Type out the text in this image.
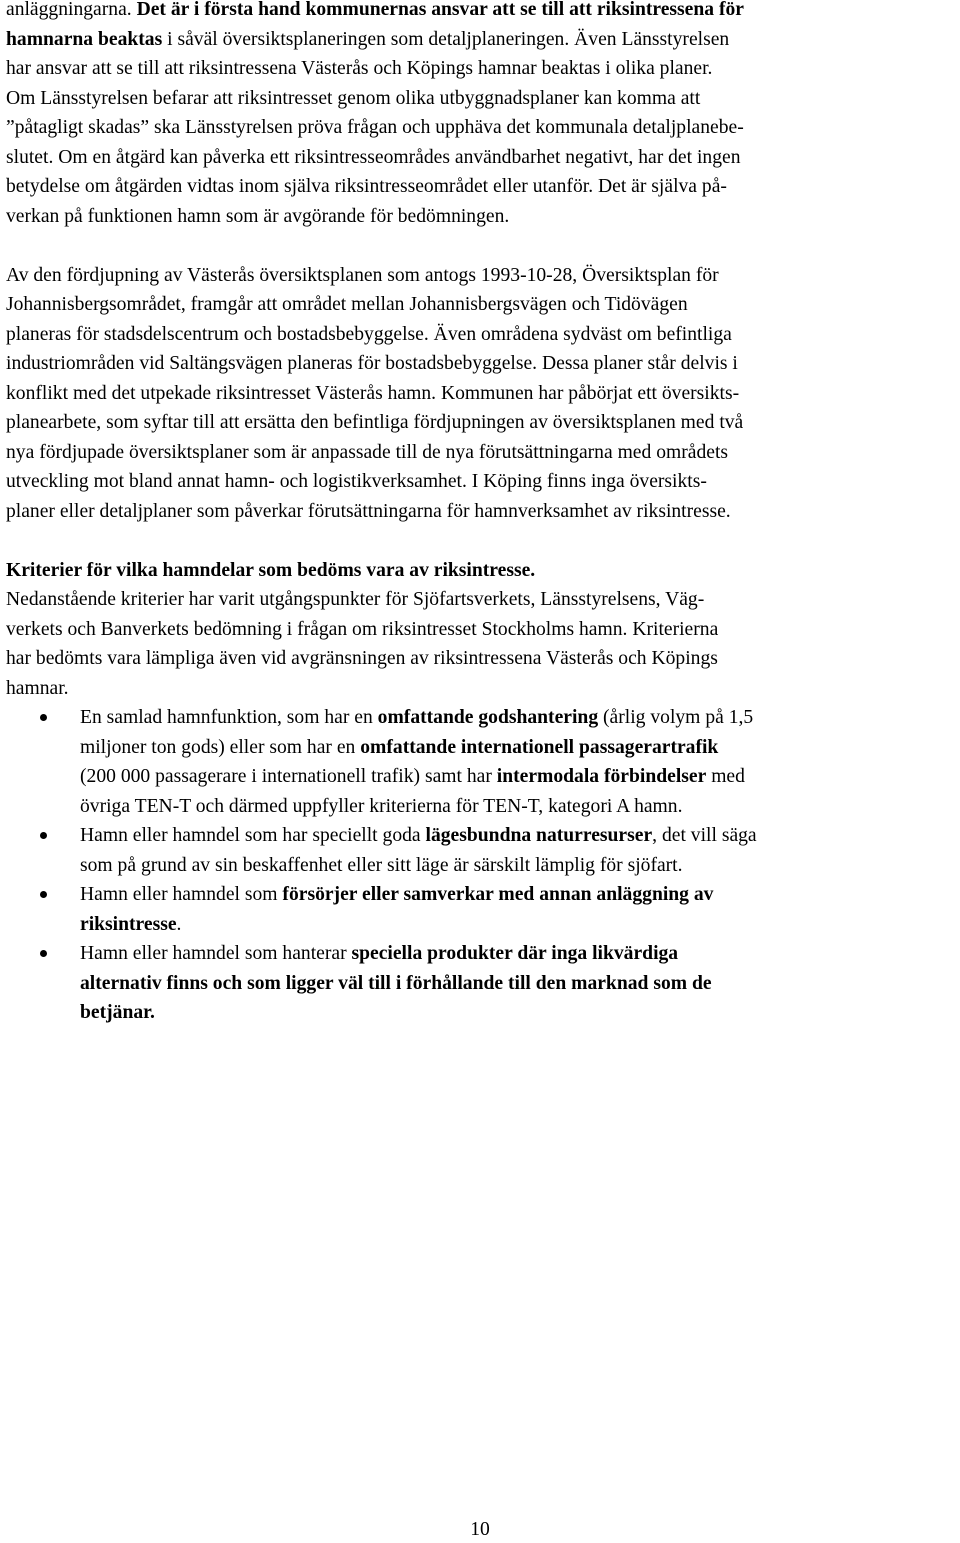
anläggningarna. Det är i första hand kommunernas ansvar att se till att riksintressena för
hamnarna beaktas i såväl översiktsplaneringen som detaljplaneringen. Även Länsstyrelsen
har ansvar att se till att riksintressena Västerås och Köpings hamnar beaktas i olika planer.
Om Länsstyrelsen befarar att riksintresset genom olika utbyggnadsplaner kan komma att
”påtagligt skadas” ska Länsstyrelsen pröva frågan och upphäva det kommunala detaljplanebe-
slutet. Om en åtgärd kan påverka ett riksintresseområdes användbarhet negativt, har det ingen
betydelse om åtgärden vidtas inom själva riksintresseområdet eller utanför. Det är själva på-
verkan på funktionen hamn som är avgörande för bedömningen.
Av den fördjupning av Västerås översiktsplanen som antogs 1993-10-28, Översiktsplan för
Johannisbergsområdet, framgår att området mellan Johannisbergsvägen och Tidövägen
planeras för stadsdelscentrum och bostadsbebyggelse. Även områdena sydväst om befintliga
industriområden vid Saltängsvägen planeras för bostadsbebyggelse. Dessa planer står delvis i
konflikt med det utpekade riksintresset Västerås hamn. Kommunen har påbörjat ett översikts-
planearbete, som syftar till att ersätta den befintliga fördjupningen av översiktsplanen med två
nya fördjupade översiktsplaner som är anpassade till de nya förutsättningarna med områdets
utveckling mot bland annat hamn- och logistikverksamhet. I Köping finns inga översikts-
planer eller detaljplaner som påverkar förutsättningarna för hamnverksamhet av riksintresse.
Kriterier för vilka hamndelar som bedöms vara av riksintresse.
Nedanstående kriterier har varit utgångspunkter för Sjöfartsverkets, Länsstyrelsens, Väg-
verkets och Banverkets bedömning i frågan om riksintresset Stockholms hamn. Kriterierna
har bedömts vara lämpliga även vid avgränsningen av riksintressena Västerås och Köpings
hamnar.
En samlad hamnfunktion, som har en omfattande godshantering (årlig volym på 1,5
miljoner ton gods) eller som har en omfattande internationell passagerartrafik
(200 000 passagerare i internationell trafik) samt har intermodala förbindelser med
övriga TEN-T och därmed uppfyller kriterierna för TEN-T, kategori A hamn.
Hamn eller hamndel som har speciellt goda lägesbundna naturresurser, det vill säga
som på grund av sin beskaffenhet eller sitt läge är särskilt lämplig för sjöfart.
Hamn eller hamndel som försörjer eller samverkar med annan anläggning av
riksintresse.
Hamn eller hamndel som hanterar speciella produkter där inga likvärdiga
alternativ finns och som ligger väl till i förhållande till den marknad som de
betjänar.
10
